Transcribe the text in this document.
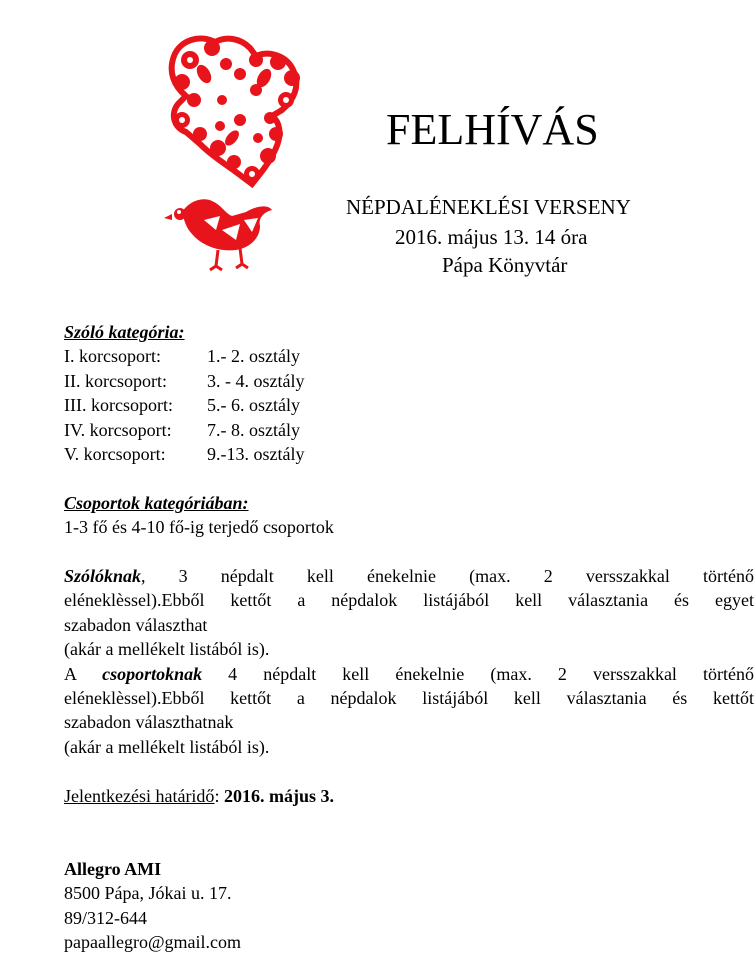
FELHÍVÁS
NÉPDALÉNEKLÉSI VERSENY
2016. május 13. 14 óra
Pápa Könyvtár
Szóló kategória:
I. korcsoport:	1.- 2. osztály
II. korcsoport: 3. - 4. osztály
III. korcsoport: 5.- 6. osztály
IV. korcsoport: 7.- 8. osztály
V. korcsoport: 9.-13. osztály
Csoportok kategóriában:
1-3 fő és 4-10 fő-ig terjedő csoportok
Szólóknak, 3 népdalt kell énekelnie (max. 2 versszakkal történő
eléneklèssel).Ebből kettőt a népdalok listájából kell választania és egyet
szabadon választhat
(akár a mellékelt listából is).
A csoportoknak 4 népdalt kell énekelnie (max. 2 versszakkal történő
eléneklèssel).Ebből kettőt a népdalok listájából kell választania és kettőt
szabadon választhatnak
(akár a mellékelt listából is).
Jelentkezési határidő: 2016. május 3.
Allegro AMI
8500 Pápa, Jókai u. 17.
89/312-644
papaallegro@gmail.com
